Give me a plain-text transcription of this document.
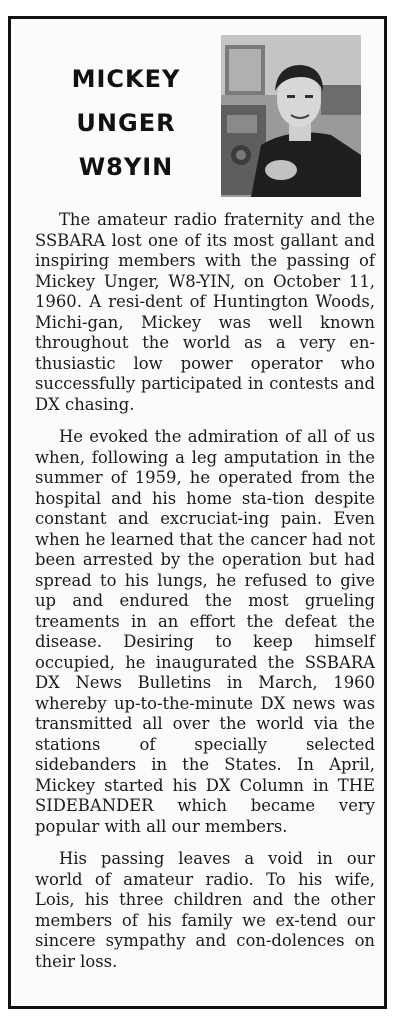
MICKEY
UNGER
W8YIN

The amateur radio fraternity and the SSBARA lost one of its most gallant and inspiring members with the passing of Mickey Unger, W8-YIN, on October 11, 1960. A resi-dent of Huntington Woods, Michi-gan, Mickey was well known throughout the world as a very en-thusiastic low power operator who successfully participated in contests and DX chasing.

He evoked the admiration of all of us when, following a leg amputation in the summer of 1959, he operated from the hospital and his home sta-tion despite constant and excruciat-ing pain. Even when he learned that the cancer had not been arrested by the operation but had spread to his lungs, he refused to give up and endured the most grueling treaments in an effort the defeat the disease. Desiring to keep himself occupied, he inaugurated the SSBARA DX News Bulletins in March, 1960 whereby up-to-the-minute DX news was transmitted all over the world via the stations of specially selected sidebanders in the States. In April, Mickey started his DX Column in THE SIDEBANDER which became very popular with all our members.

His passing leaves a void in our world of amateur radio. To his wife, Lois, his three children and the other members of his family we ex-tend our sincere sympathy and con-dolences on their loss.
